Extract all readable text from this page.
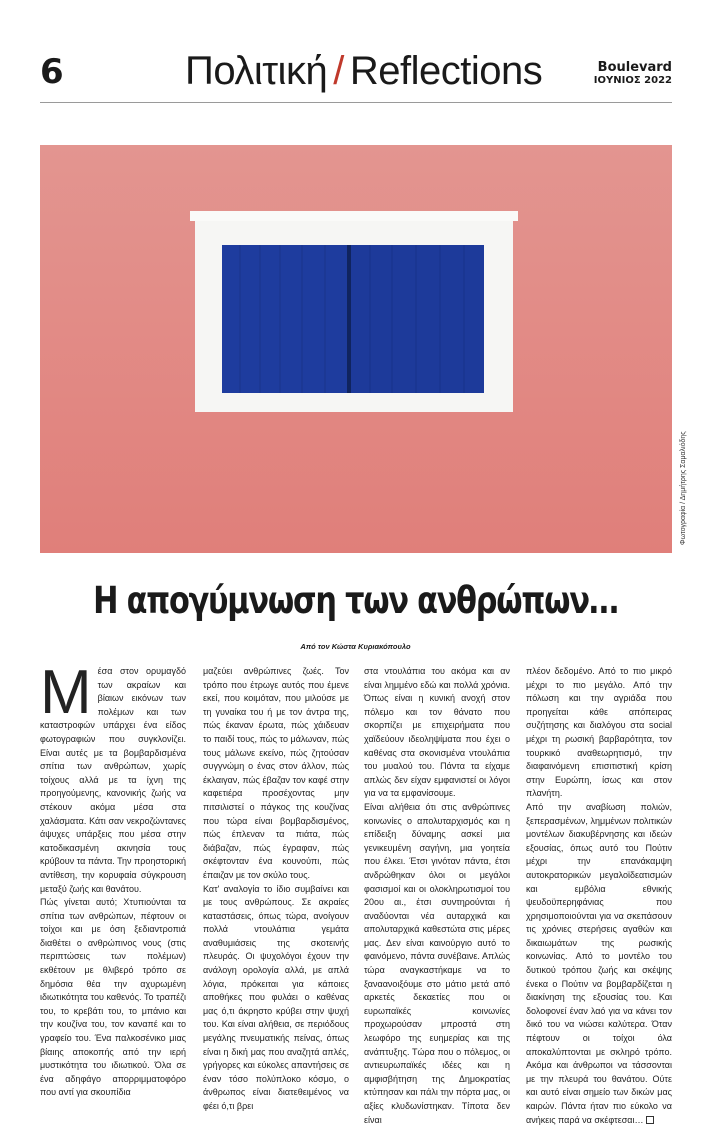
6	Πολιτική / Reflections	Boulevard
ΙΟΥΝΙΟΣ 2022
Φωτογραφία / Δημήτρης Σαμαλιόδης
Η απογύμνωση των ανθρώπων…
Από τον Κώστα Κυριακόπουλο
Μ έσα στον ορυμαγδό των ακραίων και βίαιων εικόνων των πολέμων και των καταστροφών υπάρχει ένα είδος φωτογραφιών που συγκλονίζει. Είναι αυτές με τα βομβαρδισμένα σπίτια των ανθρώπων, χωρίς τοίχους αλλά με τα ίχνη της προηγούμενης, κανονικής ζωής να στέκουν ακόμα μέσα στα χαλάσματα. Κάτι σαν νεκροζώντανες άψυχες υπάρξεις που μέσα στην κατοδικασμένη ακινησία τους κρύβουν τα πάντα. Την προηστορική αντίθεση, την κορυφαία σύγκρουση μεταξύ ζωής και θανάτου.

Πώς γίνεται αυτό; Χτυπιούνται τα σπίτια των ανθρώπων, πέφτουν οι τοίχοι και με όση ξεδιαντροπιά διαθέτει ο ανθρώπινος νους (στις περιπτώσεις των πολέμων) εκθέτουν με θλιβερό τρόπο σε δημόσια θέα την αχυρωμένη ιδιωτικότητα του καθενός. Το τραπέζι του, το κρεβάτι του, το μπάνιο και την κουζίνα του, τον καναπέ και το γραφείο του. Ένα παλκοσένικο μιας βίαιης αποκοπής από την ιερή μυστικότητα του ιδιωτικού. Όλα σε ένα αδηφάγο απορριμματοφόρο που αντί για σκουπίδια

μαζεύει ανθρώπινες ζωές. Τον τρόπο που έτρωγε αυτός που έμενε εκεί, που κοιμόταν, που μιλούσε με τη γυναίκα του ή με τον άντρα της, πώς έκαναν έρωτα, πώς χάιδευαν το παιδί τους, πώς το μάλωναν, πώς τους μάλωνε εκείνο, πώς ζητούσαν συγγνώμη ο ένας στον άλλον, πώς έκλαιγαν, πώς έβαζαν τον καφέ στην καφετιέρα προσέχοντας μην πιτσιλιστεί ο πάγκος της κουζίνας που τώρα είναι βομβαρδισμένος, πώς έπλεναν τα πιάτα, πώς διάβαζαν, πώς έγραφαν, πώς σκέφτονταν ένα κουνούπι, πώς έπαιζαν με τον σκύλο τους.

Κατ' αναλογία το ίδιο συμβαίνει και με τους ανθρώπους. Σε ακραίες καταστάσεις, όπως τώρα, ανοίγουν πολλά ντουλάπια γεμάτα αναθυμιάσεις της σκοτεινής πλευράς. Οι ψυχολόγοι έχουν την ανάλογη ορολογία αλλά, με απλά λόγια, πρόκειται για κάποιες αποθήκες που φυλάει ο καθένας μας ό,τι άκρηστο κρύβει στην ψυχή του. Και είναι αλήθεια, σε περιόδους μεγάλης πνευματικής πείνας, όπως είναι η δική μας που αναζητά απλές, γρήγορες και εύκολες απαντήσεις σε έναν τόσο πολύπλοκο κόσμο, ο άνθρωπος είναι διατεθειμένος να φέει ό,τι βρει

στα ντουλάπια του ακόμα και αν είναι λημμένο εδώ και πολλά χρόνια. Όπως είναι η κυνική ανοχή στον πόλεμο και τον θάνατο που σκορπίζει με επιχειρήματα που χαϊδεύουν ιδεοληψίματα που έχει ο καθένας στα σκονισμένα ντουλάπια του μυαλού του. Πάντα τα είχαμε απλώς δεν είχαν εμφανιστεί οι λόγοι για να τα εμφανίσουμε.

Είναι αλήθεια ότι στις ανθρώπινες κοινωνίες ο απολυταρχισμός και η επίδειξη δύναμης ασκεί μια γενικευμένη σαγήνη, μια γοητεία που έλκει. Έτσι γινόταν πάντα, έτσι ανδρώθηκαν όλοι οι μεγάλοι φασισμοί και οι ολοκληρωτισμοί του 20ου αι., έτσι συντηρούνται ή αναδύονται νέα αυταρχικά και απολυταρχικά καθεστώτα στις μέρες μας. Δεν είναι καινούργιο αυτό το φαινόμενο, πάντα συνέβαινε. Απλώς τώρα αναγκαστήκαμε να το ξαναανοιξόυμε στο μάτιο μετά από αρκετές δεκαετίες που οι ευρωπαϊκές κοινωνίες προχωρούσαν μπροστά στη λεωφόρο της ευημερίας και της ανάπτυξης. Τώρα που ο πόλεμος, οι αντιευρωπαϊκές ιδέες και η αμφισβήτηση της Δημοκρατίας κτύπησαν και πάλι την πόρτα μας, οι αξίες κλυδωνίστηκαν. Τίποτα δεν είναι

πλέον δεδομένο. Από το πιο μικρό μέχρι το πιο μεγάλο. Από την πόλωση και την αγριάδα που προηγείται κάθε απόπειρας συζήτησης και διαλόγου στα social μέχρι τη ρωσική βαρβαρότητα, τον τουρκικό αναθεωρητισμό, την διαφαινόμενη επισιτιστική κρίση στην Ευρώπη, ίσως και στον πλανήτη.

Από την αναβίωση πολιών, ξεπερασμένων, λημμένων πολιτικών μοντέλων διακυβέρνησης και ιδεών εξουσίας, όπως αυτό του Πούτιν μέχρι την επανάκαμψη αυτοκρατορικών μεγαλοϊδεατισμών και εμβόλια εθνικής ψευδοϋπερηφάνιας που χρησιμοποιούνται για να σκεπάσουν τις χρόνιες στερήσεις αγαθών και δικαιωμάτων της ρωσικής κοινωνίας. Από το μοντέλο του δυτικού τρόπου ζωής και σκέψης ένεκα ο Πούτιν να βομβαρδίζεται η διακίνηση της εξουσίας του. Και δολοφονεί έναν λαό για να κάνει τον δικό του να νιώσει καλύτερα. Όταν πέφτουν οι τοίχοι όλα αποκαλύπτονται με σκληρό τρόπο. Ακόμα και άνθρωποι να τάσσονται με την πλευρά του θανάτου. Ούτε και αυτό είναι σημείο των δικών μας καιρών. Πάντα ήταν πιο εύκολο να ανήκεις παρά να σκέφτεσαι…
